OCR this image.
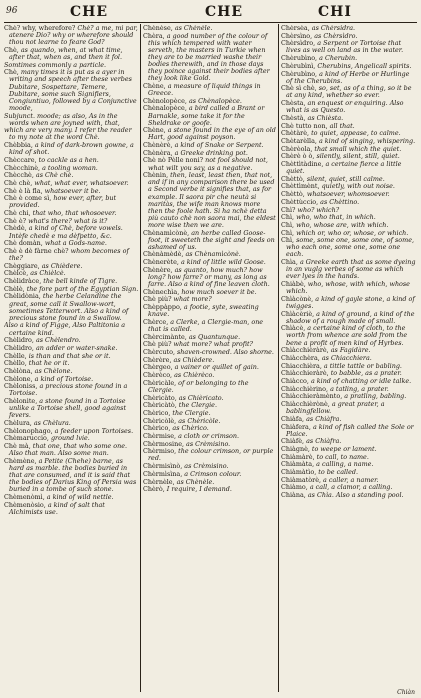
96	CHE	CHE	CHI

Chè? why, wherefore? Chè? a me, mi par, atenere Dio? why or wherefore should thou not learne to feare God?

Chè, as quando, when, at what time, after that, when as, and then it fol.

Somtimes commonly a particle.

Chè, many times it is put as a ayer in writing and speech after these verbes Dubitare, Sospettare, Temere, Dubitare, some such Signifiers, Congiuntiuo, followed by a Conjunctive moode,

Subjunct. moode; as also, As in the words when are joyned with, that,

which are very many. I refer the reader to my note at the word Chè.

Chèbbia, a kind of dark-brown gowne, a kind of shot.

Chèccare, to cackle as a hen.

Chècchinè, a tooling woman.

Chècchè, as Chè chè.

Chè chè, what, what ever, whatsoever.

Chè è là fla, whatsoever it be.

Chè è come sì, how ever, after, but provided.

Chè chi, that who, that whosoever.

Chè è? what's there? what is it?

Chèdè, a kind of Chè, before vowels. Intèfe chedè e ma dèfpetto, &c.

Chè domàn, what a Gods-name.

Chè è dè fàrne chè? whom becomes of the?

Chèggiare, as Chièdere.

Chèlcè, as Chièlcè.

Chèlidràce, the bell kinde of Tigre.

Chèlè, the fore part of the Egyptian Sign.

Chèlidònia, the herbe Celandine the great, some call it Swallow-wort, sometimes Tetterwort. Also a kind of precious stone found in a Swallow.

Also a kind of Figge, Also Paltitonia a certaine kind.

Chèlidro, as Chèlendro.

Chèlidro, an adder or water-snake.

Chèlle, is than and that she or it.

Chèllo, that he or it.

Chèlòna, as Chèlone.

Chèlone, a kind of Tortoise.

Chèloniss, a precious stone found in a Tortoise.

Chèlonite, a stone found in a Tortoise unlike a Tortoise shell, good against fevers.

Chèlura, as Chèlura.

Chèlonophago, a feeder upon Tortoises.

Chèmaruccio, ground lvie.

Chè mà, that one, that who some one. Also that man. Also some man.

Chèmène, a Petite (Chehe) barne, as hard as marble. the bodies buried in that are consumed, and it is said that the bodies of Darius King of Persia was buried in a tombe of such stone.

Chèmenòmì, a kind of wild nettle.

Chèmenòsio, a kind of salt that Alchimists use.

Chènèse, as Chènèle.

Chèra, a good number of the colour of this which tempered with water serveth, the masters in Turkie when they are to be married washe their bodies therewith, and in those days they poince against their bodies after they look like Gold.

Chène, a measure of liquid things in Greece.

Chènolopèce, as Chènalopèce.

Chènalopèce, a bird called a Brant or Barnakle, some take it for the Sheldrake or goofe.

Chène, a stone found in the eye of an old Hart, good against poyson.

Chènèrè, a kind of Snake or Serpent.

Chènèra, a Greeke drinking pot.

Chè nò Pèlle noni? not fool should not, what wilt you say, as a negative.

Chènin, then, least, least then, that not, and if in any comparison there be used a Second verbe it signifies that, as for example. Il saora pir che neutà si maritàs, the wife man knows more then the foole hath. Si ha nchè detta più cauto chè non saora mai, the eldest more wise then we are.

Chènamìcònè, an herbe called Goose-foot, it sweeteth the sight and feeds on ashamed of us.

Chènàmèdè, as Chènamìcònè.

Chènerète, a kind of little wild Goose.

Chènère, as quanto, how much? how long? how farre? or many, as long as farre. Also a kind of fine leaven cloth.

Chènechìa, how much soever it be.

Chè più? what more?

Chèppàppo, a footie, syte, sweating knave.

Chèrce, a Clerke, a Clergie-man, one that is called.

Chèrcimànte, as Quantunque.

Chè più? what more? what profit?

Chèrcuto, shaven-crowned. Also shorne.

Chèrère, as Chièdere.

Chèrgeo, a vainer or quillet of gain.

Chèrèco, as Chièrèco.

Chèricàle, of or belonging to the Clergie.

Chèricàto, as Chièricato.

Chèricàtò, the Clergie.

Chèrico, the Clergie.

Chèricòlè, as Chèricòle.

Chèrico, as Chèrico.

Chèrmise, a cloth or crimson.

Chèrmosine, as Crèmisino.

Chèrmiso, the colour crimson, or purple red.

Chèrmisìnò, as Crèmisino.

Chèrmìsìna, a Crimson colour.

Chèrnèle, as Chènèle.

Chèrò, I require, I demand.

Chèrsèa, as Chèrsìdra.

Chèrsìno, as Chèrsìdro.

Chèrsìdro, a Serpent or Tortoise that lives as well on land as in the water.

Chèrubìno, a Cherubin.

Chèrubìnì, Cherubins, Angelicall spirits.

Chèrubìno, a kind of Herbe or Hurlinge of the Cherubins.

Chè sì chè, so, set, as of a thing, so it be at any kind, whether so ever.

Chèsta, an enquest or enquiring. Also what is as Questo.

Chèstà, as Chièsta.

Chè tutto non, all that.

Chètàrè, to quiet, appease, to calme.

Chètarèlla, a kind of singing, whispering.

Chèrèola, that small which the quiet.

Chèrè ò ò, silently, silent, still, quiet.

Chèttìtàdine, a certaine fierce a little quiet.

Chèttò, silent, quiet, still calme.

Chèttìmènt, quietly, with out noise.

Chèttò, whatsoever, whomsoever.

Chèttùccio, as Chèttino.

Chì? who? which?

Chì, who, who that, in which.

Chì, who, whose are, with which.

Chì, which or, who or, whose, or which.

Chì, some, some one, some one, of some, who each one, some one, some one each.

Chìa, a Greeke earth that as some dyeing in an vuglg verbes of some as which ever lyes in the hands.

Chiàbè, who, whose, with which, whose which.

Chìàcònè, a kind of gayle stone, a kind of twigges.

Chìàcèriè, a kind of ground, a kind of the shadow of a rough made of small.

Chìàcè, a certaine kind of cloth, to the worth from whence are sold from the bene a profit of men kind of Hyrbes.

Chìàcchièràrè, as Fagidàre.

Chiàcchèra, as Chiacchiera.

Chiacchièra, a tittle tattle or babling.

Chiàcchieràrè, to babble, as a prater.

Chiàcco, a kind of chatting or idle talke.

Chiàcchièrino, a tatling, a prater.

Chiàcchieràmènto, a pratling, babling.

Chiàcchièrònè, a great prater, a bablingfellow.

Chiàfa, as Chiàfra.

Chiàfera, a kind of fish called the Sole or Plaice.

Chiàfè, as Chiàfra.

Chiàgnè, to weepe or lament.

Chiàmàrè, to call, to name.

Chiàmàta, a calling, a name.

Chiàmàtìo, to be called.

Chiàmatòrè, a caller, a namer.

Chiàmo, a call, a clamor, a calling.

Chiàna, as Chìa. Also a standing pool.

Chiàn
